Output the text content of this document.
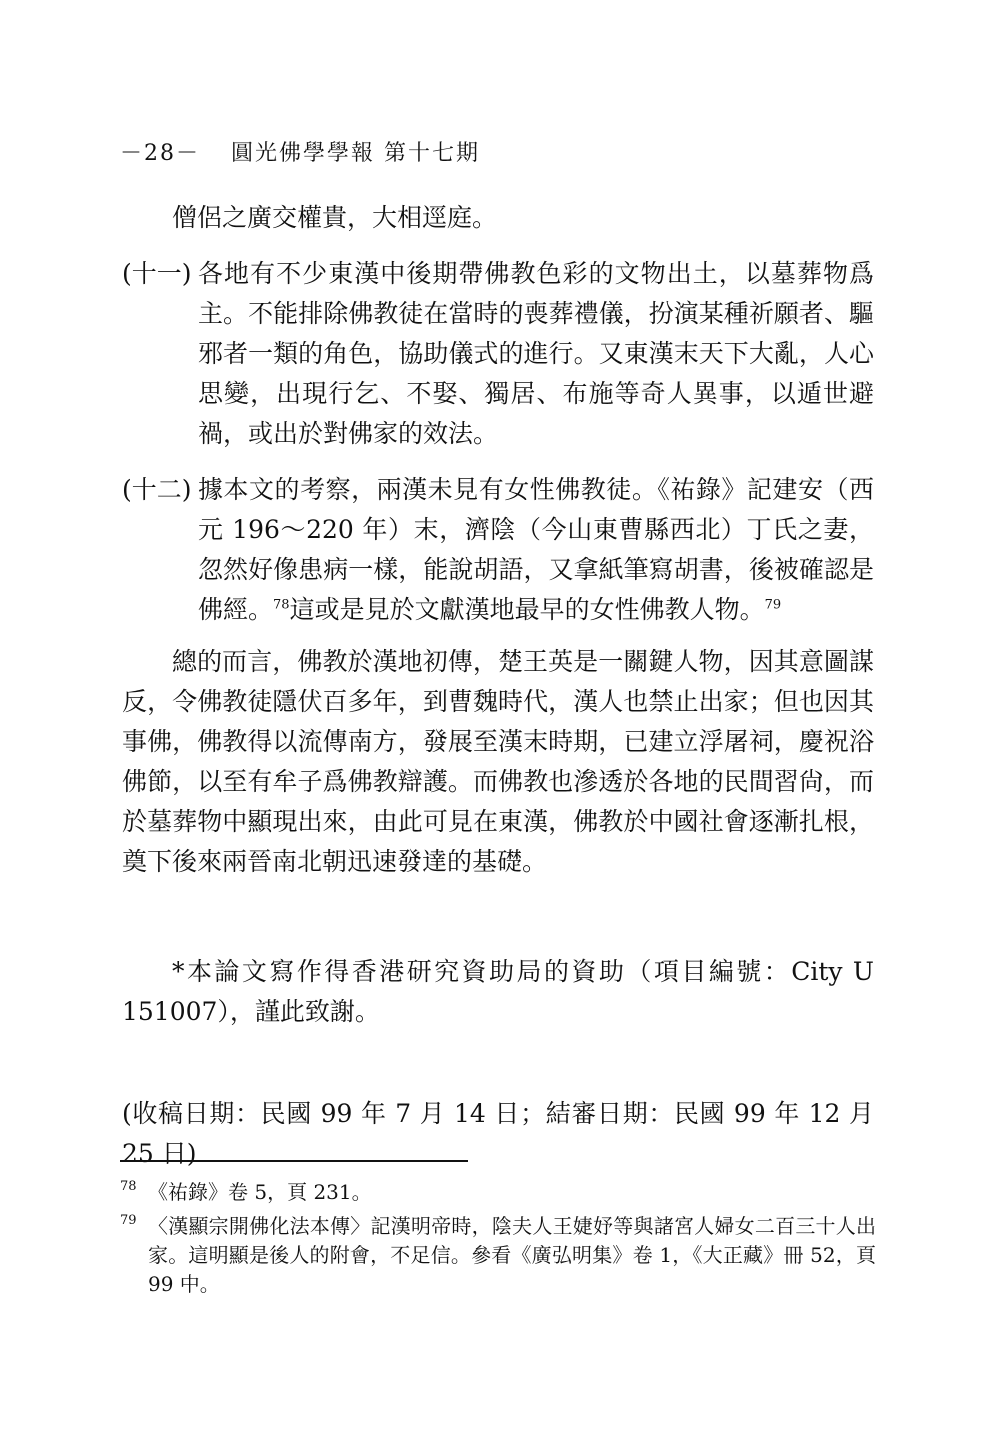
－28－ 圓光佛學學報 第十七期

僧侶之廣交權貴，大相逕庭。

(十一) 各地有不少東漢中後期帶佛教色彩的文物出土，以墓葬物爲主。不能排除佛教徒在當時的喪葬禮儀，扮演某種祈願者、驅邪者一類的角色，協助儀式的進行。又東漢末天下大亂，人心思變，出現行乞、不娶、獨居、布施等奇人異事，以遁世避禍，或出於對佛家的效法。
(十二) 據本文的考察，兩漢未見有女性佛教徒。《祐錄》記建安（西元 196～220 年）末，濟陰（今山東曹縣西北）丁氏之妻，忽然好像患病一樣，能說胡語，又拿紙筆寫胡書，後被確認是佛經。$^{78}$這或是見於文獻漢地最早的女性佛教人物。$^{79}$

總的而言，佛教於漢地初傳，楚王英是一關鍵人物，因其意圖謀反，令佛教徒隱伏百多年，到曹魏時代，漢人也禁止出家；但也因其事佛，佛教得以流傳南方，發展至漢末時期，已建立浮屠祠，慶祝浴佛節，以至有牟子爲佛教辯護。而佛教也滲透於各地的民間習尙，而於墓葬物中顯現出來，由此可見在東漢，佛教於中國社會逐漸扎根，奠下後來兩晉南北朝迅速發達的基礎。

*本論文寫作得香港研究資助局的資助（項目編號：City U 151007），謹此致謝。

(收稿日期：民國 99 年 7 月 14 日；結審日期：民國 99 年 12 月 25 日)

78 《祐錄》卷 5，頁 231。
79 〈漢顯宗開佛化法本傳〉記漢明帝時，陰夫人王婕妤等與諸宮人婦女二百三十人出家。這明顯是後人的附會，不足信。參看《廣弘明集》卷 1，《大正藏》冊 52，頁 99 中。
